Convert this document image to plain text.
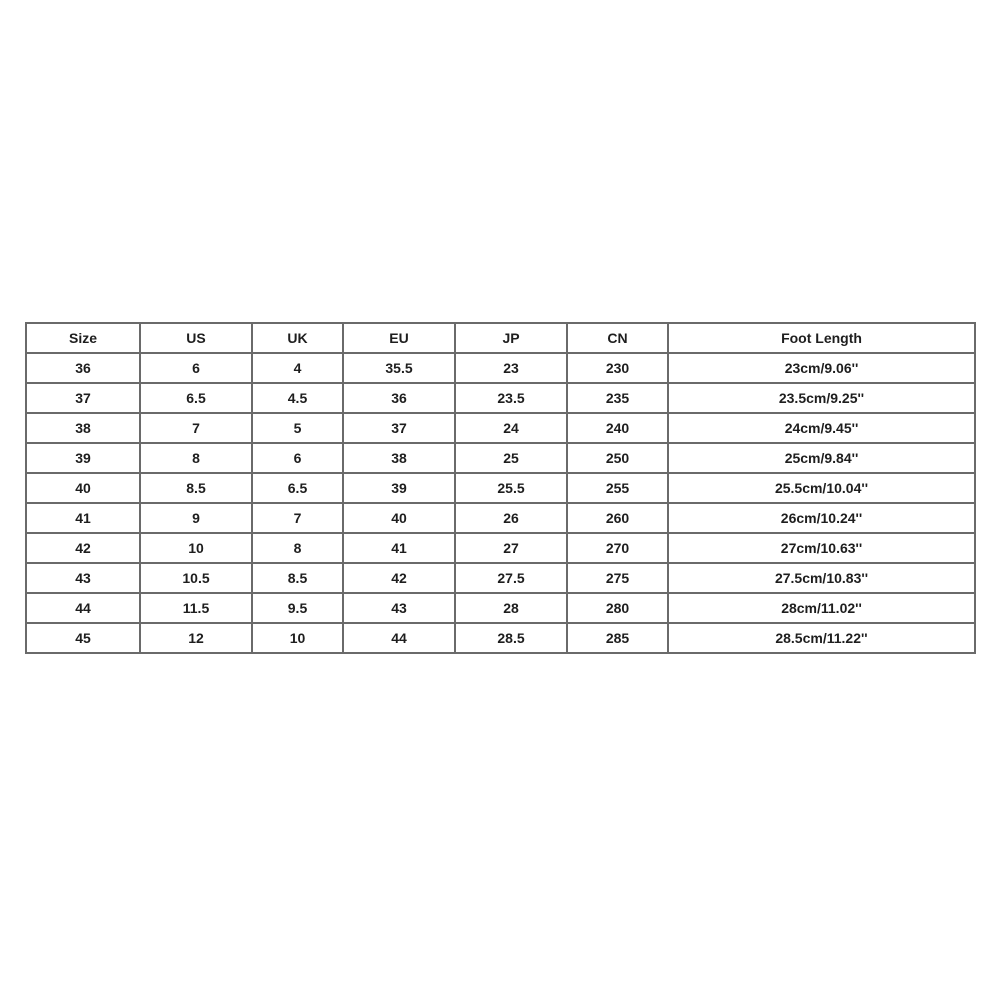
Size	US	UK	EU	JP	CN	Foot Length
36	6	4	35.5	23	230	23cm/9.06''
37	6.5	4.5	36	23.5	235	23.5cm/9.25''
38	7	5	37	24	240	24cm/9.45''
39	8	6	38	25	250	25cm/9.84''
40	8.5	6.5	39	25.5	255	25.5cm/10.04''
41	9	7	40	26	260	26cm/10.24''
42	10	8	41	27	270	27cm/10.63''
43	10.5	8.5	42	27.5	275	27.5cm/10.83''
44	11.5	9.5	43	28	280	28cm/11.02''
45	12	10	44	28.5	285	28.5cm/11.22''
